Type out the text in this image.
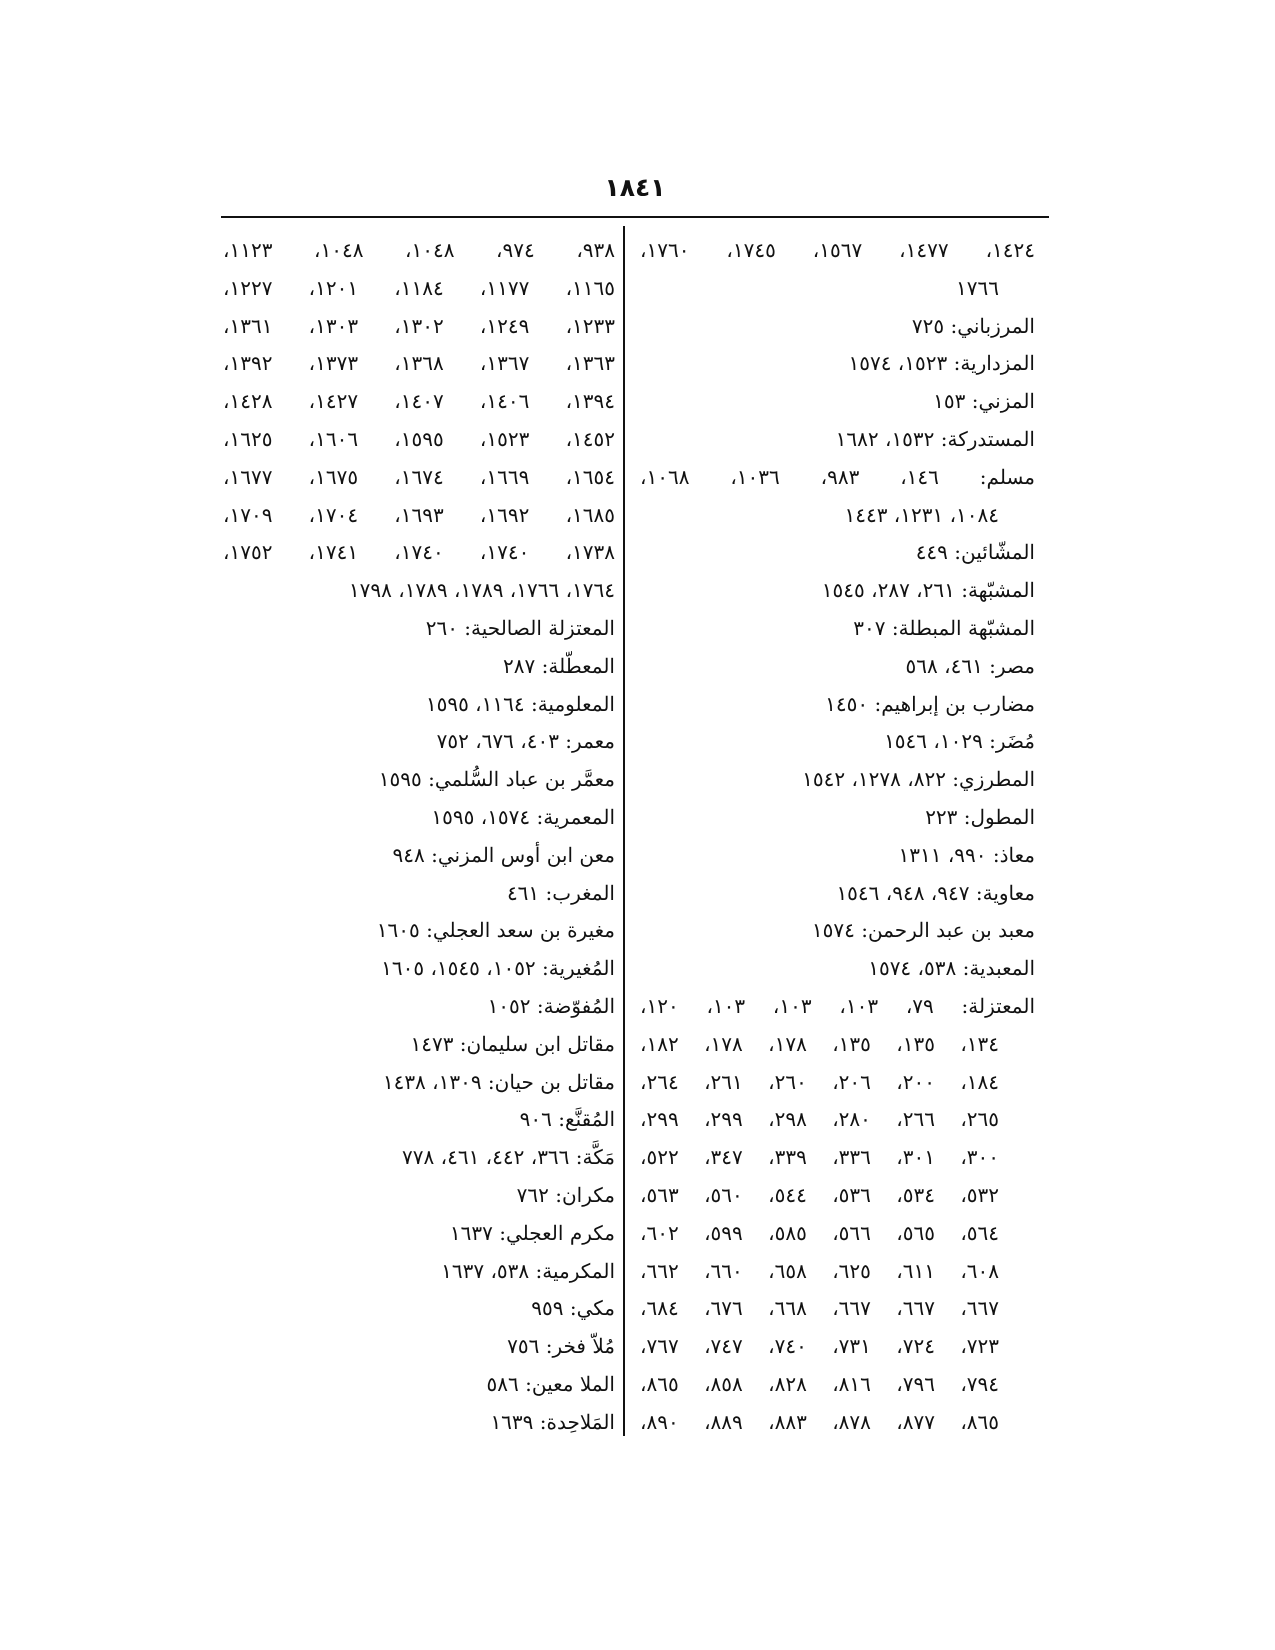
١٨٤١
١٤٢٤، ١٤٧٧، ١٥٦٧، ١٧٤٥، ١٧٦٠،
١٧٦٦
المرزباني: ٧٢٥
المزدارية: ١٥٢٣، ١٥٧٤
المزني: ١٥٣
المستدركة: ١٥٣٢، ١٦٨٢
مسلم: ١٤٦، ٩٨٣، ١٠٣٦، ١٠٦٨،
١٠٨٤، ١٢٣١، ١٤٤٣
المشّائين: ٤٤٩
المشبّهة: ٢٦١، ٢٨٧، ١٥٤٥
المشبّهة المبطلة: ٣٠٧
مصر: ٤٦١، ٥٦٨
مضارب بن إبراهيم: ١٤٥٠
مُضَر: ١٠٢٩، ١٥٤٦
المطرزي: ٨٢٢، ١٢٧٨، ١٥٤٢
المطول: ٢٢٣
معاذ: ٩٩٠، ١٣١١
معاوية: ٩٤٧، ٩٤٨، ١٥٤٦
معبد بن عبد الرحمن: ١٥٧٤
المعبدية: ٥٣٨، ١٥٧٤
المعتزلة: ٧٩، ١٠٣، ١٠٣، ١٠٣، ١٢٠،
١٣٤، ١٣٥، ١٣٥، ١٧٨، ١٧٨، ١٨٢،
١٨٤، ٢٠٠، ٢٠٦، ٢٦٠، ٢٦١، ٢٦٤،
٢٦٥، ٢٦٦، ٢٨٠، ٢٩٨، ٢٩٩، ٢٩٩،
٣٠٠، ٣٠١، ٣٣٦، ٣٣٩، ٣٤٧، ٥٢٢،
٥٣٢، ٥٣٤، ٥٣٦، ٥٤٤، ٥٦٠، ٥٦٣،
٥٦٤، ٥٦٥، ٥٦٦، ٥٨٥، ٥٩٩، ٦٠٢،
٦٠٨، ٦١١، ٦٢٥، ٦٥٨، ٦٦٠، ٦٦٢،
٦٦٧، ٦٦٧، ٦٦٧، ٦٦٨، ٦٧٦، ٦٨٤،
٧٢٣، ٧٢٤، ٧٣١، ٧٤٠، ٧٤٧، ٧٦٧،
٧٩٤، ٧٩٦، ٨١٦، ٨٢٨، ٨٥٨، ٨٦٥،
٨٦٥، ٨٧٧، ٨٧٨، ٨٨٣، ٨٨٩، ٨٩٠،
٩٣٨، ٩٧٤، ١٠٤٨، ١٠٤٨، ١١٢٣،
١١٦٥، ١١٧٧، ١١٨٤، ١٢٠١، ١٢٢٧،
١٢٣٣، ١٢٤٩، ١٣٠٢، ١٣٠٣، ١٣٦١،
١٣٦٣، ١٣٦٧، ١٣٦٨، ١٣٧٣، ١٣٩٢،
١٣٩٤، ١٤٠٦، ١٤٠٧، ١٤٢٧، ١٤٢٨،
١٤٥٢، ١٥٢٣، ١٥٩٥، ١٦٠٦، ١٦٢٥،
١٦٥٤، ١٦٦٩، ١٦٧٤، ١٦٧٥، ١٦٧٧،
١٦٨٥، ١٦٩٢، ١٦٩٣، ١٧٠٤، ١٧٠٩،
١٧٣٨، ١٧٤٠، ١٧٤٠، ١٧٤١، ١٧٥٢،
١٧٦٤، ١٧٦٦، ١٧٨٩، ١٧٨٩، ١٧٩٨
المعتزلة الصالحية: ٢٦٠
المعطّلة: ٢٨٧
المعلومية: ١١٦٤، ١٥٩٥
معمر: ٤٠٣، ٦٧٦، ٧٥٢
معمَّر بن عباد السُّلمي: ١٥٩٥
المعمرية: ١٥٧٤، ١٥٩٥
معن ابن أوس المزني: ٩٤٨
المغرب: ٤٦١
مغيرة بن سعد العجلي: ١٦٠٥
المُغيرية: ١٠٥٢، ١٥٤٥، ١٦٠٥
المُفوّضة: ١٠٥٢
مقاتل ابن سليمان: ١٤٧٣
مقاتل بن حيان: ١٣٠٩، ١٤٣٨
المُقنَّع: ٩٠٦
مَكَّة: ٣٦٦، ٤٤٢، ٤٦١، ٧٧٨
مكران: ٧٦٢
مكرم العجلي: ١٦٣٧
المكرمية: ٥٣٨، ١٦٣٧
مكي: ٩٥٩
مُلاّ فخر: ٧٥٦
الملا معين: ٥٨٦
المَلاحِدة: ١٦٣٩
